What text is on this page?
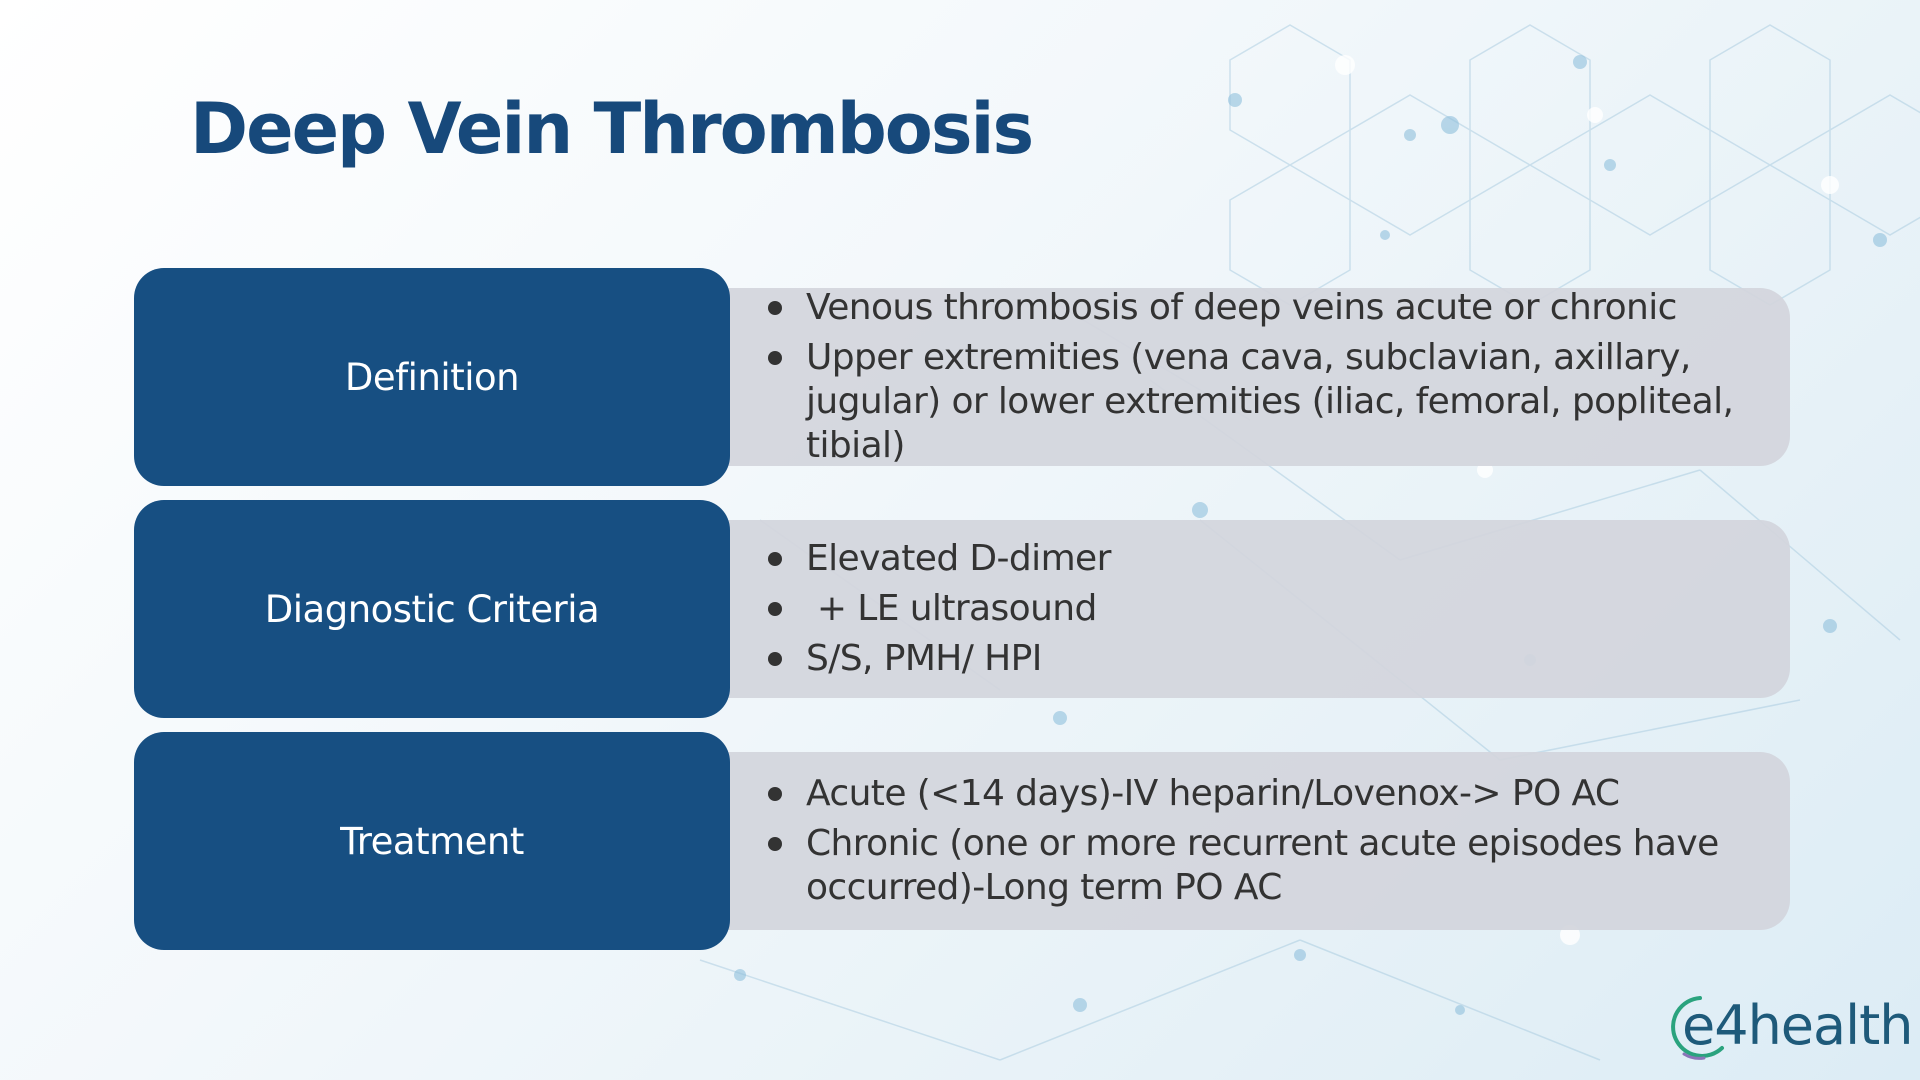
Deep Vein Thrombosis
Definition
Venous thrombosis of deep veins acute or chronic
Upper extremities (vena cava, subclavian, axillary, jugular) or lower extremities (iliac, femoral, popliteal, tibial)
Diagnostic Criteria
Elevated D-dimer
+ LE ultrasound
S/S, PMH/ HPI
Treatment
Acute (<14 days)-IV heparin/Lovenox-> PO AC
Chronic (one or more recurrent acute episodes have occurred)-Long term PO AC
e4health
